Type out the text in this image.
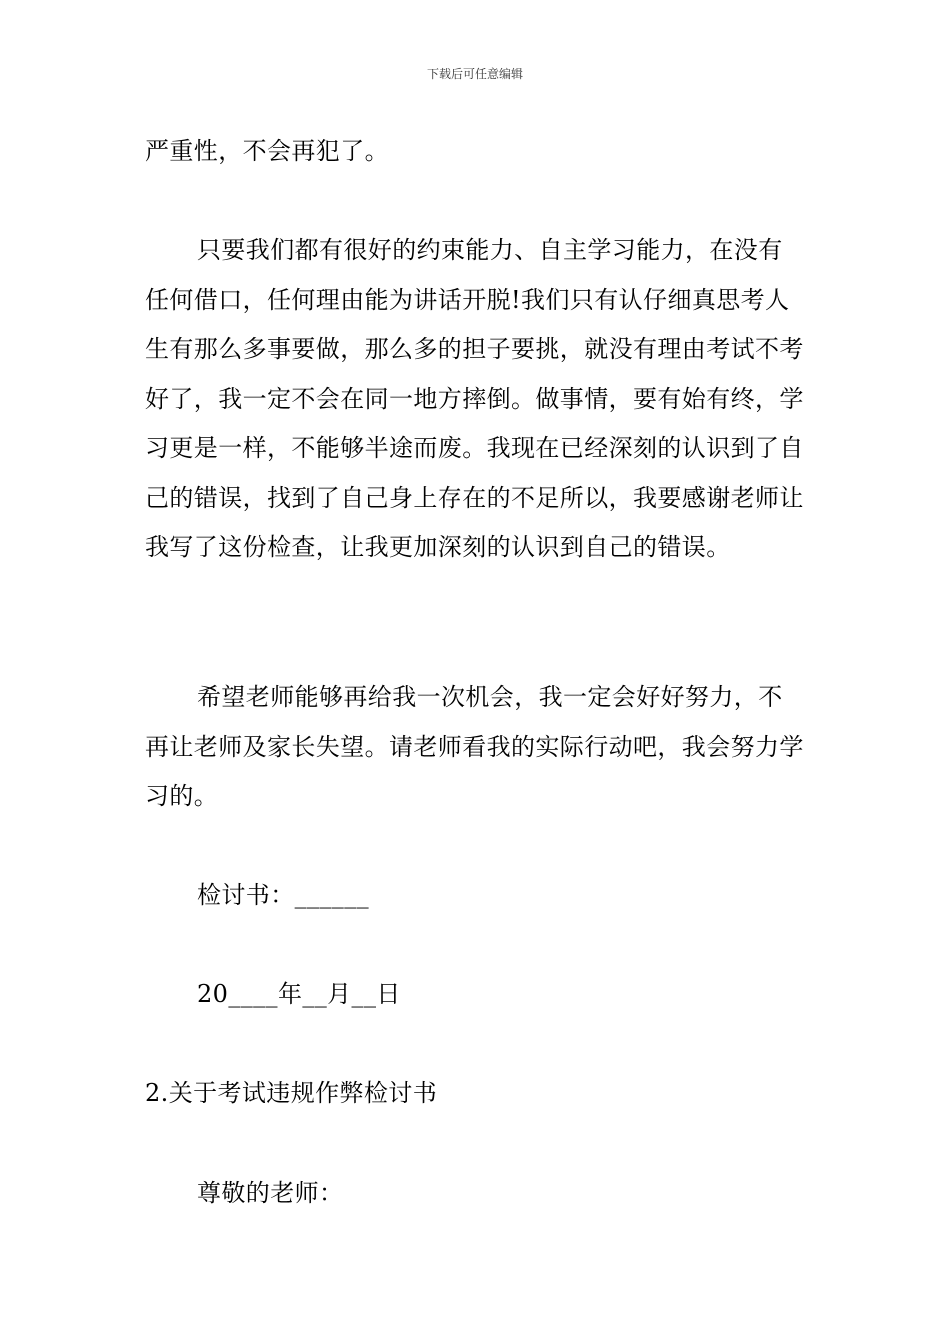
下载后可任意编辑

严重性，不会再犯了。

只要我们都有很好的约束能力、自主学习能力，在没有任何借口，任何理由能为讲话开脱!我们只有认仔细真思考人生有那么多事要做，那么多的担子要挑，就没有理由考试不考好了，我一定不会在同一地方摔倒。做事情，要有始有终，学习更是一样，不能够半途而废。我现在已经深刻的认识到了自己的错误，找到了自己身上存在的不足所以，我要感谢老师让我写了这份检查，让我更加深刻的认识到自己的错误。

希望老师能够再给我一次机会，我一定会好好努力，不再让老师及家长失望。请老师看我的实际行动吧，我会努力学习的。

检讨书：______

20____年__月__日

2.关于考试违规作弊检讨书

尊敬的老师：
